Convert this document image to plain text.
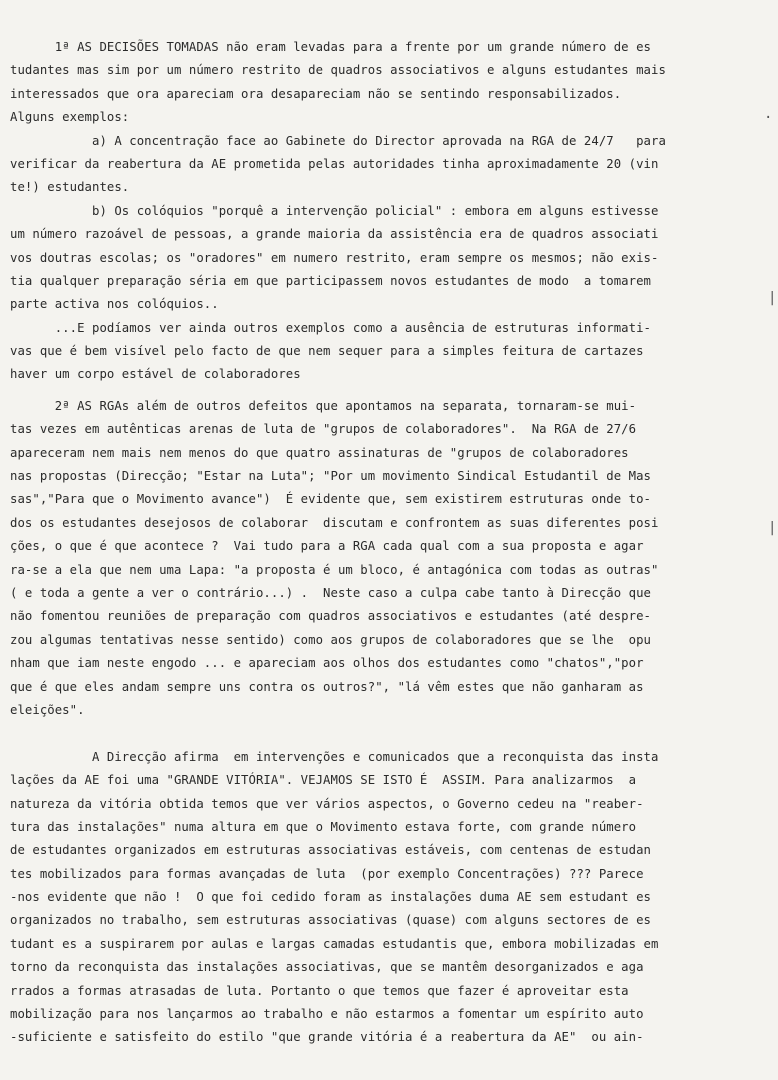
1ª AS DECISÕES TOMADAS não eram levadas para a frente por um grande número de es
tudantes mas sim por um número restrito de quadros associativos e alguns estudantes mais
interessados que ora apareciam ora desapareciam não se sentindo responsabilizados.
Alguns exemplos:
a) A concentração face ao Gabinete do Director aprovada na RGA de 24/7   para
verificar da reabertura da AE prometida pelas autoridades tinha aproximadamente 20 (vin
te!) estudantes.
b) Os colóquios "porquê a intervenção policial" : embora em alguns estivesse
um número razoável de pessoas, a grande maioria da assistência era de quadros associati
vos doutras escolas; os "oradores" em numero restrito, eram sempre os mesmos; não exis-
tia qualquer preparação séria em que participassem novos estudantes de modo  a tomarem
parte activa nos colóquios..
...E podíamos ver ainda outros exemplos como a ausência de estruturas informati-
vas que é bem visível pelo facto de que nem sequer para a simples feitura de cartazes
haver um corpo estável de colaboradores
2ª AS RGAs além de outros defeitos que apontamos na separata, tornaram-se mui-
tas vezes em autênticas arenas de luta de "grupos de colaboradores".  Na RGA de 27/6
apareceram nem mais nem menos do que quatro assinaturas de "grupos de colaboradores
nas propostas (Direcção; "Estar na Luta"; "Por um movimento Sindical Estudantil de Mas
sas","Para que o Movimento avance")  É evidente que, sem existirem estruturas onde to-
dos os estudantes desejosos de colaborar  discutam e confrontem as suas diferentes posi
ções, o que é que acontece ?  Vai tudo para a RGA cada qual com a sua proposta e agar
ra-se a ela que nem uma Lapa: "a proposta é um bloco, é antagónica com todas as outras"
( e toda a gente a ver o contrário...) .  Neste caso a culpa cabe tanto à Direcção que
não fomentou reuniões de preparação com quadros associativos e estudantes (até despre-
zou algumas tentativas nesse sentido) como aos grupos de colaboradores que se lhe  opu
nham que iam neste engodo ... e apareciam aos olhos dos estudantes como "chatos","por
que é que eles andam sempre uns contra os outros?", "lá vêm estes que não ganharam as
eleições".

A Direcção afirma  em intervenções e comunicados que a reconquista das insta
lações da AE foi uma "GRANDE VITÓRIA". VEJAMOS SE ISTO É  ASSIM. Para analizarmos  a
natureza da vitória obtida temos que ver vários aspectos, o Governo cedeu na "reaber-
tura das instalações" numa altura em que o Movimento estava forte, com grande número
de estudantes organizados em estruturas associativas estáveis, com centenas de estudan
tes mobilizados para formas avançadas de luta  (por exemplo Concentrações) ??? Parece
-nos evidente que não !  O que foi cedido foram as instalações duma AE sem estudant es
organizados no trabalho, sem estruturas associativas (quase) com alguns sectores de es
tudant es a suspirarem por aulas e largas camadas estudantis que, embora mobilizadas em
torno da reconquista das instalações associativas, que se mantêm desorganizados e aga
rrados a formas atrasadas de luta. Portanto o que temos que fazer é aproveitar esta
mobilização para nos lançarmos ao trabalho e não estarmos a fomentar um espírito auto
-suficiente e satisfeito do estilo "que grande vitória é a reabertura da AE"  ou ain-
·
|
|
